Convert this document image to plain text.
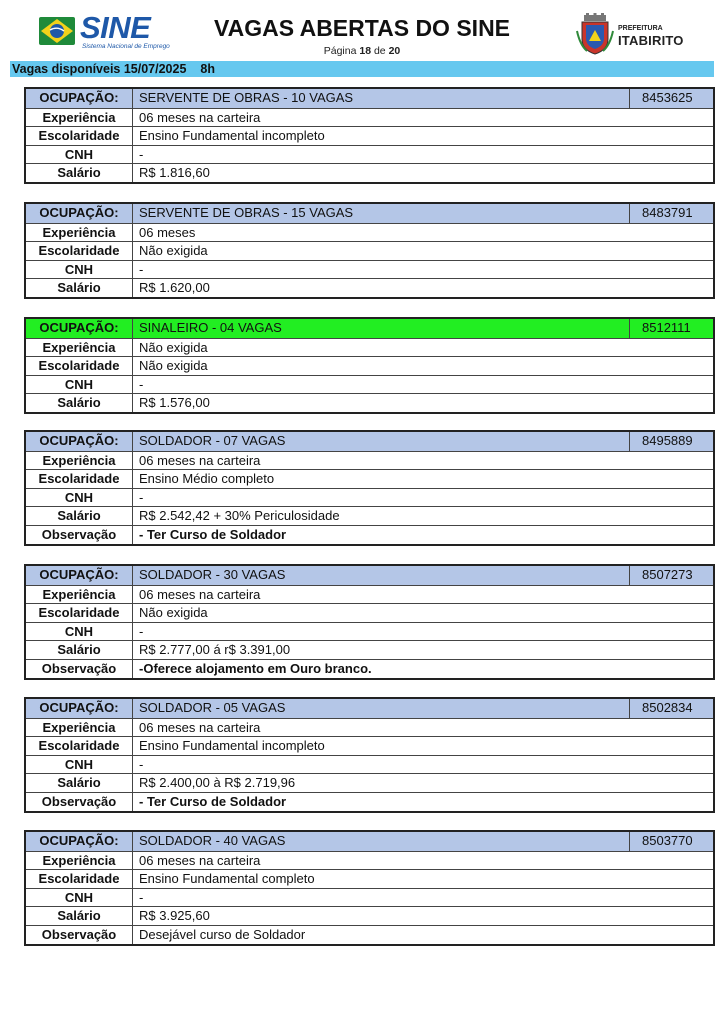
SINE
Sistema Nacional de Emprego
VAGAS ABERTAS DO SINE
Página 18 de 20
PREFEITURA
ITABIRITO
Vagas disponíveis 15/07/2025 8h
OCUPAÇÃO:	SERVENTE DE OBRAS - 10 VAGAS	8453625
Experiência	06 meses na carteira
Escolaridade	Ensino Fundamental incompleto
CNH	-
Salário	R$ 1.816,60
OCUPAÇÃO:	SERVENTE DE OBRAS - 15 VAGAS	8483791
Experiência	06 meses
Escolaridade	Não exigida
CNH	-
Salário	R$ 1.620,00
OCUPAÇÃO:	SINALEIRO - 04 VAGAS	8512111
Experiência	Não exigida
Escolaridade	Não exigida
CNH	-
Salário	R$ 1.576,00
OCUPAÇÃO:	SOLDADOR - 07 VAGAS	8495889
Experiência	06 meses na carteira
Escolaridade	Ensino Médio completo
CNH	-
Salário	R$ 2.542,42 + 30% Periculosidade
Observação	- Ter Curso de Soldador
OCUPAÇÃO:	SOLDADOR - 30 VAGAS	8507273
Experiência	06 meses na carteira
Escolaridade	Não exigida
CNH	-
Salário	R$ 2.777,00 á r$ 3.391,00
Observação	-Oferece alojamento em Ouro branco.
OCUPAÇÃO:	SOLDADOR - 05 VAGAS	8502834
Experiência	06 meses na carteira
Escolaridade	Ensino Fundamental incompleto
CNH	-
Salário	R$ 2.400,00 à R$ 2.719,96
Observação	- Ter Curso de Soldador
OCUPAÇÃO:	SOLDADOR - 40 VAGAS	8503770
Experiência	06 meses na carteira
Escolaridade	Ensino Fundamental completo
CNH	-
Salário	R$ 3.925,60
Observação	Desejável curso de Soldador
